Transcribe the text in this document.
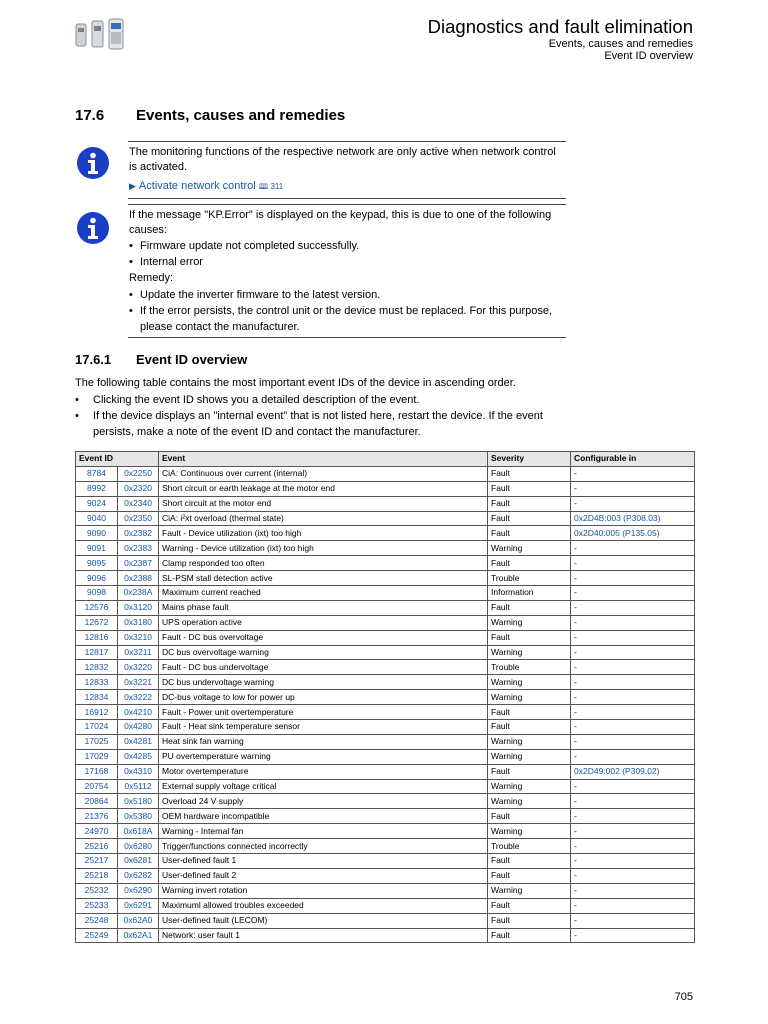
Diagnostics and fault elimination
Events, causes and remedies
Event ID overview
17.6 Events, causes and remedies

The monitoring functions of the respective network are only active when network control is activated.

▶ Activate network control 🕮 311

If the message "KP.Error" is displayed on the keypad, this is due to one of the following causes:

• Firmware update not completed successfully.
• Internal error

Remedy:

• Update the inverter firmware to the latest version.
• If the error persists, the control unit or the device must be replaced. For this purpose, please contact the manufacturer.
17.6.1 Event ID overview

The following table contains the most important event IDs of the device in ascending order.

• Clicking the event ID shows you a detailed description of the event.
• If the device displays an "internal event" that is not listed here, restart the device. If the event persists, make a note of the event ID and contact the manufacturer.
Event ID		Event	Severity	Configurable in
8784	0x2250	CiA: Continuous over current (internal)	Fault	-
8992	0x2320	Short circuit or earth leakage at the motor end	Fault	-
9024	0x2340	Short circuit at the motor end	Fault	-
9040	0x2350	CiA: i²xt overload (thermal state)	Fault	0x2D4B:003 (P308.03)
9090	0x2382	Fault - Device utilization (ixt) too high	Fault	0x2D40:005 (P135.05)
9091	0x2383	Warning - Device utilization (ixt) too high	Warning	-
9095	0x2387	Clamp responded too often	Fault	-
9096	0x2388	SL-PSM stall detection active	Trouble	-
9098	0x238A	Maximum current reached	Information	-
12576	0x3120	Mains phase fault	Fault	-
12672	0x3180	UPS operation active	Warning	-
12816	0x3210	Fault - DC bus overvoltage	Fault	-
12817	0x3211	DC bus overvoltage warning	Warning	-
12832	0x3220	Fault - DC bus undervoltage	Trouble	-
12833	0x3221	DC bus undervoltage warning	Warning	-
12834	0x3222	DC-bus voltage to low for power up	Warning	-
16912	0x4210	Fault - Power unit overtemperature	Fault	-
17024	0x4280	Fault - Heat sink temperature sensor	Fault	-
17025	0x4281	Heat sink fan warning	Warning	-
17029	0x4285	PU overtemperature warning	Warning	-
17168	0x4310	Motor overtemperature	Fault	0x2D49:002 (P309.02)
20754	0x5112	External supply voltage critical	Warning	-
20864	0x5180	Overload 24 V supply	Warning	-
21376	0x5380	OEM hardware incompatible	Fault	-
24970	0x618A	Warning - Internal fan	Warning	-
25216	0x6280	Trigger/functions connected incorrectly	Trouble	-
25217	0x6281	User-defined fault 1	Fault	-
25218	0x6282	User-defined fault 2	Fault	-
25232	0x6290	Warning invert rotation	Warning	-
25233	0x6291	Maximuml allowed troubles exceeded	Fault	-
25248	0x62A0	User-defined fault (LECOM)	Fault	-
25249	0x62A1	Network: user fault 1	Fault	-
705
